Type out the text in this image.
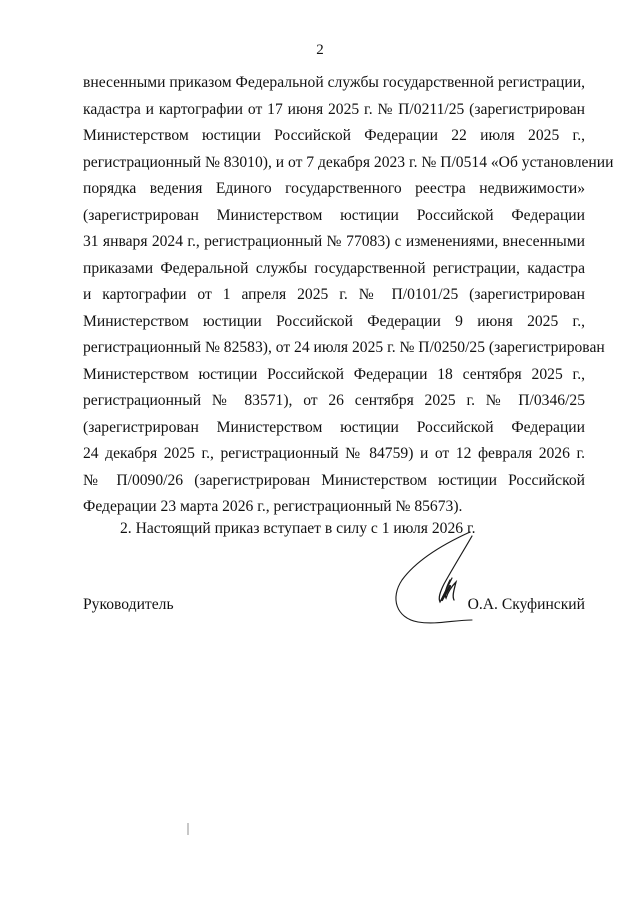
2
внесенными приказом Федеральной службы государственной регистрации,
кадастра и картографии от 17 июня 2025 г. № П/0211/25 (зарегистрирован
Министерством юстиции Российской Федерации 22 июля 2025 г.,
регистрационный № 83010), и от 7 декабря 2023 г. № П/0514 «Об установлении
порядка ведения Единого государственного реестра недвижимости»
(зарегистрирован Министерством юстиции Российской Федерации
31 января 2024 г., регистрационный № 77083) с изменениями, внесенными
приказами Федеральной службы государственной регистрации, кадастра
и картографии от 1 апреля 2025 г. № П/0101/25 (зарегистрирован
Министерством юстиции Российской Федерации 9 июня 2025 г.,
регистрационный № 82583), от 24 июля 2025 г. № П/0250/25 (зарегистрирован
Министерством юстиции Российской Федерации 18 сентября 2025 г.,
регистрационный № 83571), от 26 сентября 2025 г. № П/0346/25
(зарегистрирован Министерством юстиции Российской Федерации
24 декабря 2025 г., регистрационный № 84759) и от 12 февраля 2026 г.
№ П/0090/26 (зарегистрирован Министерством юстиции Российской
Федерации 23 марта 2026 г., регистрационный № 85673).
2. Настоящий приказ вступает в силу с 1 июля 2026 г.
Руководитель	О.А. Скуфинский
